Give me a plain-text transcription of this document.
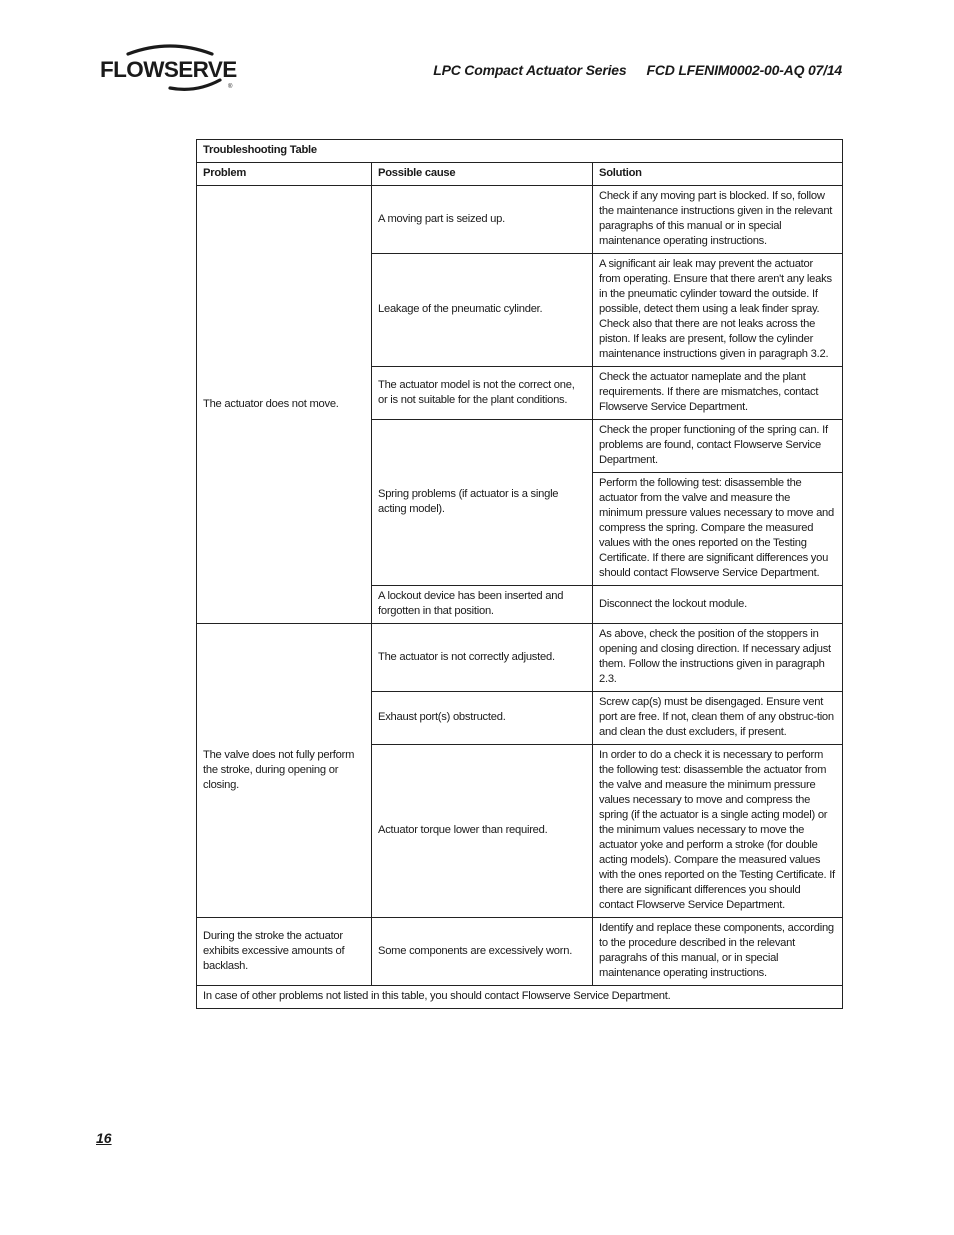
FLOWSERVE
®
LPC Compact Actuator Series FCD LFENIM0002-00-AQ 07/14
Troubleshooting Table		
Problem	Possible cause	Solution
The actuator does not move.	A moving part is seized up.	Check if any moving part is blocked. If so, follow the maintenance instructions given in the relevant paragraphs of this manual or in special maintenance operating instructions.
	Leakage of the pneumatic cylinder.	A significant air leak may prevent the actuator from operating. Ensure that there aren't any leaks in the pneumatic cylinder toward the outside. If possible, detect them using a leak finder spray. Check also that there are not leaks across the piston. If leaks are present, follow the cylinder maintenance instructions given in paragraph 3.2.
	The actuator model is not the correct one, or is not suitable for the plant conditions.	Check the actuator nameplate and the plant requirements. If there are mismatches, contact Flowserve Service Department.
	Spring problems (if actuator is a single acting model).	Check the proper functioning of the spring can. If problems are found, contact Flowserve Service Department.
		Perform the following test: disassemble the actuator from the valve and measure the minimum pressure values necessary to move and compress the spring. Compare the measured values with the ones reported on the Testing Certificate. If there are significant differences you should contact Flowserve Service Department.
	A lockout device has been inserted and forgotten in that position.	Disconnect the lockout module.
The valve does not fully perform the stroke, during opening or closing.	The actuator is not correctly adjusted.	As above, check the position of the stoppers in opening and closing direction. If necessary adjust them. Follow the instructions given in paragraph 2.3.
	Exhaust port(s) obstructed.	Screw cap(s) must be disengaged. Ensure vent port are free. If not, clean them of any obstruc-tion and clean the dust excluders, if present.
	Actuator torque lower than required.	In order to do a check it is necessary to perform the following test: disassemble the actuator from the valve and measure the minimum pressure values necessary to move and compress the spring (if the actuator is a single acting model) or the minimum values necessary to move the actuator yoke and perform a stroke (for double acting models). Compare the measured values with the ones reported on the Testing Certificate. If there are significant differences you should contact Flowserve Service Department.
During the stroke the actuator exhibits excessive amounts of backlash.	Some components are excessively worn.	Identify and replace these components, according to the procedure described in the relevant paragrahs of this manual, or in special maintenance operating instructions.
In case of other problems not listed in this table, you should contact Flowserve Service Department.		
16
